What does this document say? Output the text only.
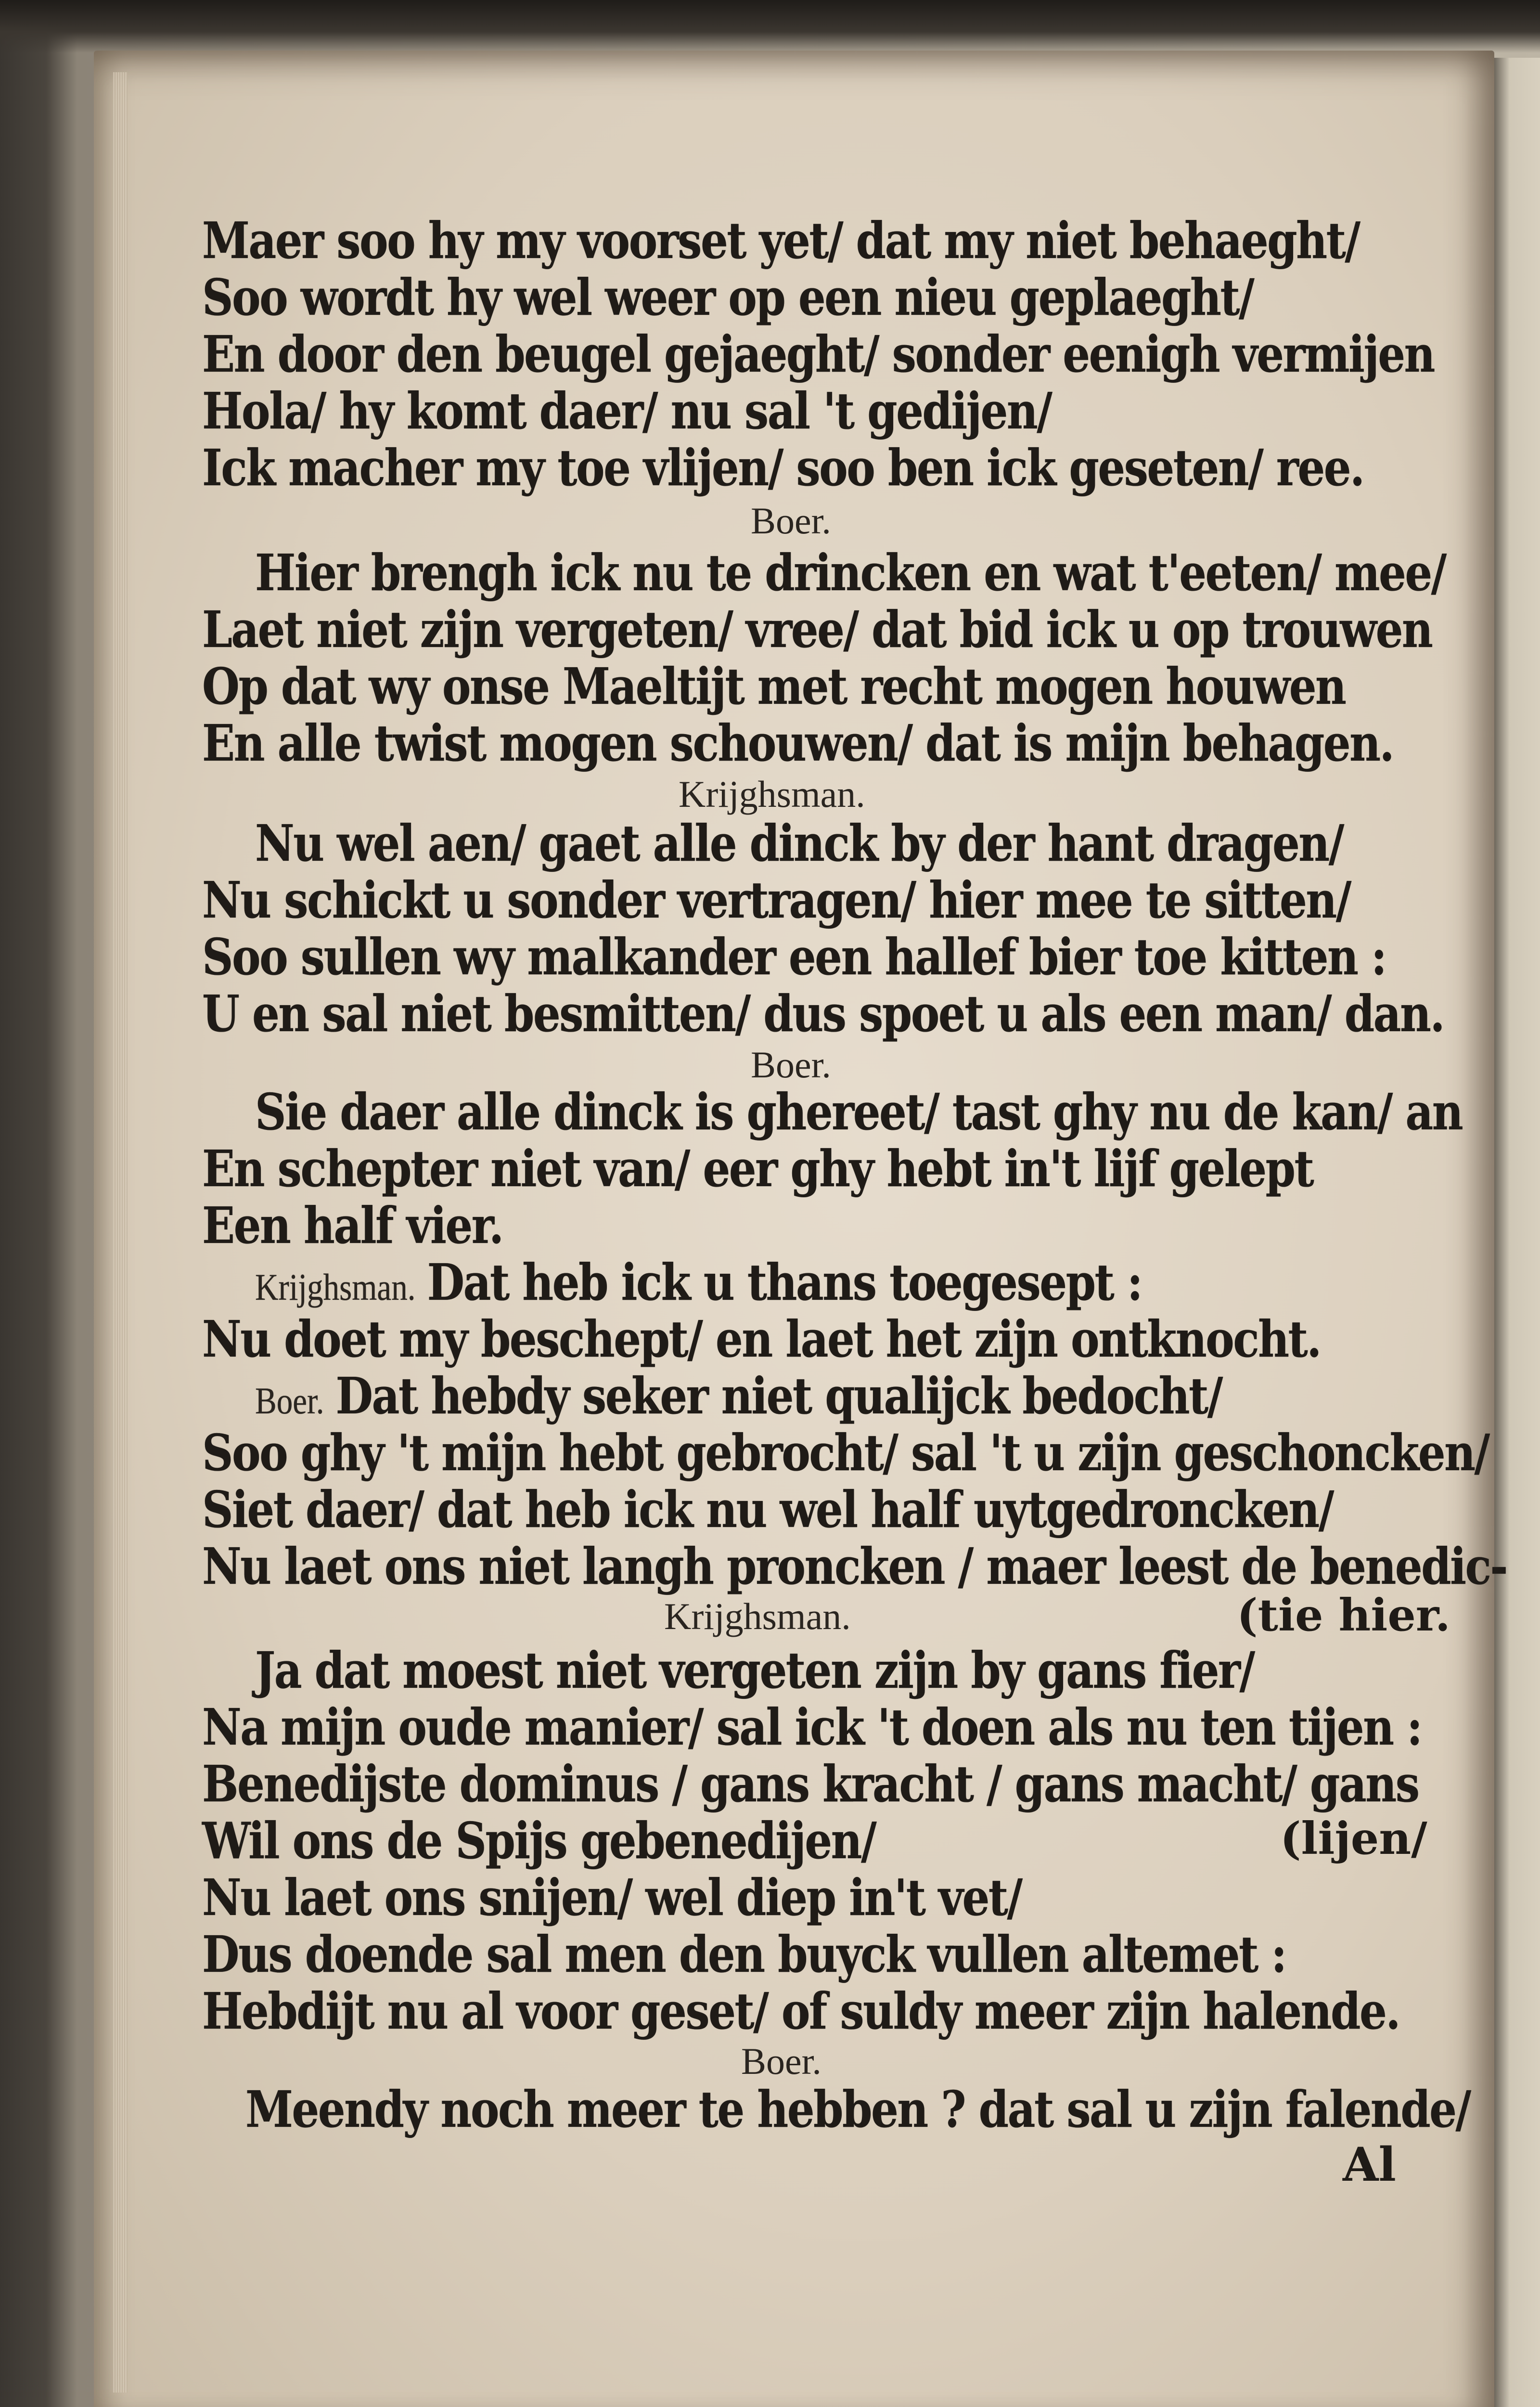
Maer soo hy my voorset yet/ dat my niet behaeght/
Soo wordt hy wel weer op een nieu geplaeght/
En door den beugel gejaeght/ sonder eenigh vermijen
Hola/ hy komt daer/ nu sal 't gedijen/
Ick macher my toe vlijen/ soo ben ick geseten/ ree.
Boer.
Hier brengh ick nu te drincken en wat t'eeten/ mee/
Laet niet zijn vergeten/ vree/ dat bid ick u op trouwen
Op dat wy onse Maeltijt met recht mogen houwen
En alle twist mogen schouwen/ dat is mijn behagen.
Krijghsman.
Nu wel aen/ gaet alle dinck by der hant dragen/
Nu schickt u sonder vertragen/ hier mee te sitten/
Soo sullen wy malkander een hallef bier toe kitten :
U en sal niet besmitten/ dus spoet u als een man/ dan.
Boer.
Sie daer alle dinck is ghereet/ tast ghy nu de kan/ an
En schepter niet van/ eer ghy hebt in't lijf gelept
Een half vier.
Krijghsman. Dat heb ick u thans toegesept :
Nu doet my beschept/ en laet het zijn ontknocht.
Boer. Dat hebdy seker niet qualijck bedocht/
Soo ghy 't mijn hebt gebrocht/ sal 't u zijn geschoncken/
Siet daer/ dat heb ick nu wel half uytgedroncken/
Nu laet ons niet langh proncken / maer leest de benedic-
Krijghsman.	(tie hier.
Ja dat moest niet vergeten zijn by gans fier/
Na mijn oude manier/ sal ick 't doen als nu ten tijen :
Benedijste dominus / gans kracht / gans macht/ gans
Wil ons de Spijs gebenedijen/	(lijen/
Nu laet ons snijen/ wel diep in't vet/
Dus doende sal men den buyck vullen altemet :
Hebdijt nu al voor geset/ of suldy meer zijn halende.
Boer.
Meendy noch meer te hebben ? dat sal u zijn falende/
Al
